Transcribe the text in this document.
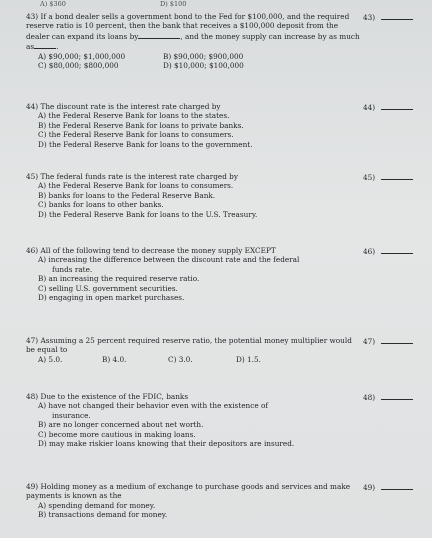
A) $360	D) $100
43)

43) If a bond dealer sells a government bond to the Fed for $100,000, and the required reserve ratio is 10 percent, then the bank that receives a $100,000 deposit from the dealer can expand its loans by	, and the money supply can increase by as much as	.

A) $90,000; $1,000,000	B) $90,000; $900,000
C) $80,000; $800,000	D) $10,000; $100,000
44)

44) The discount rate is the interest rate charged by

A) the Federal Reserve Bank for loans to the states.
B) the Federal Reserve Bank for loans to private banks.
C) the Federal Reserve Bank for loans to consumers.
D) the Federal Reserve Bank for loans to the government.
45)

45) The federal funds rate is the interest rate charged by

A) the Federal Reserve Bank for loans to consumers.
B) banks for loans to the Federal Reserve Bank.
C) banks for loans to other banks.
D) the Federal Reserve Bank for loans to the U.S. Treasury.
46)

46) All of the following tend to decrease the money supply EXCEPT

A) increasing the difference between the discount rate and the federal
funds rate.
B) an increasing the required reserve ratio.
C) selling U.S. government securities.
D) engaging in open market purchases.
47)

47) Assuming a 25 percent required reserve ratio, the potential money multiplier would be equal to

A) 5.0.	B) 4.0.	C) 3.0.	D) 1.5.
48)

48) Due to the existence of the FDIC, banks

A) have not changed their behavior even with the existence of
insurance.
B) are no longer concerned about net worth.
C) become more cautious in making loans.
D) may make riskier loans knowing that their depositors are insured.
49)

49) Holding money as a medium of exchange to purchase goods and services and make payments is known as the

A) spending demand for money.
B) transactions demand for money.
